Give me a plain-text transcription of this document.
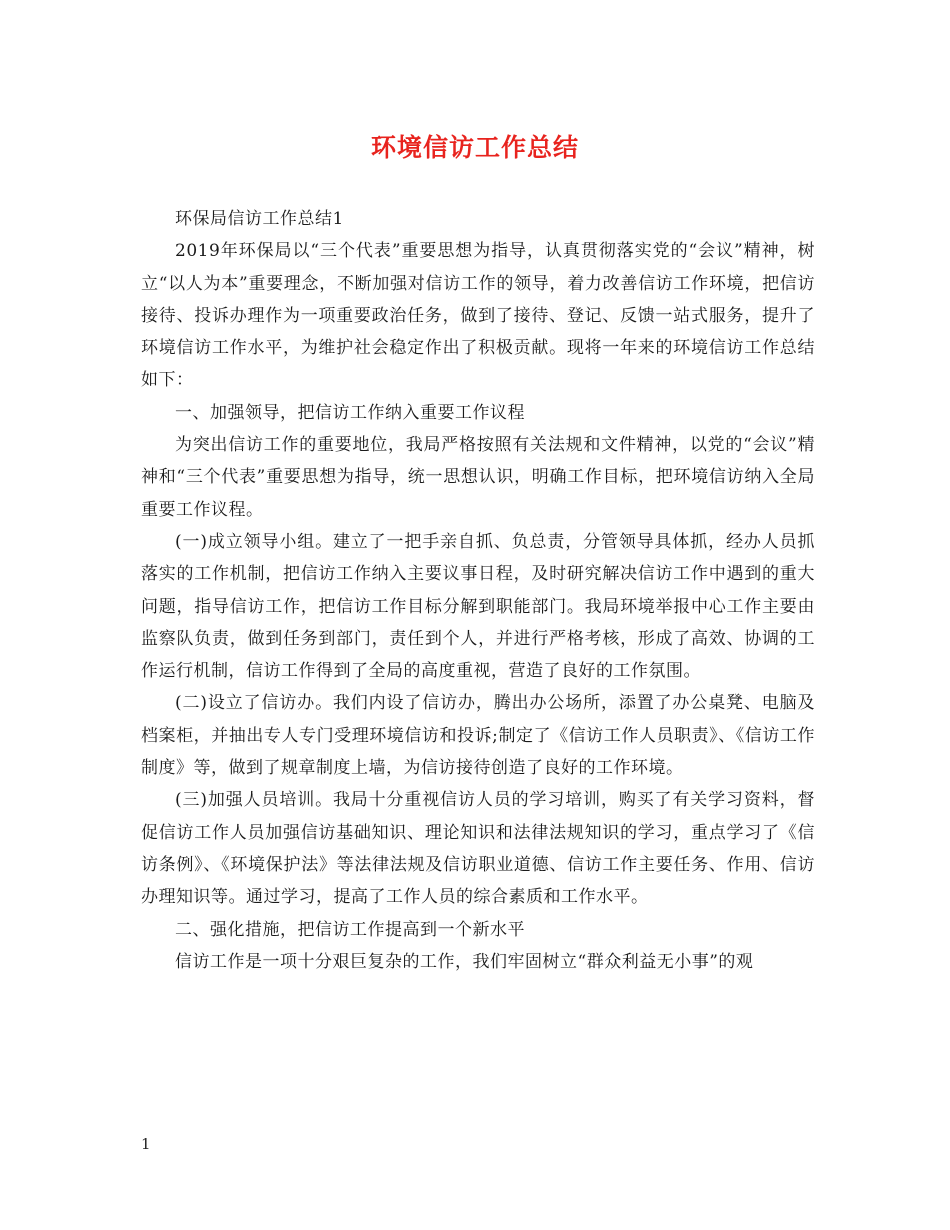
环境信访工作总结

环保局信访工作总结1

2019年环保局以“三个代表”重要思想为指导，认真贯彻落实党的“会议”精神，树立“以人为本”重要理念，不断加强对信访工作的领导，着力改善信访工作环境，把信访接待、投诉办理作为一项重要政治任务，做到了接待、登记、反馈一站式服务，提升了环境信访工作水平，为维护社会稳定作出了积极贡献。现将一年来的环境信访工作总结如下：

一、加强领导，把信访工作纳入重要工作议程

为突出信访工作的重要地位，我局严格按照有关法规和文件精神，以党的“会议”精神和“三个代表”重要思想为指导，统一思想认识，明确工作目标，把环境信访纳入全局重要工作议程。

(一)成立领导小组。建立了一把手亲自抓、负总责，分管领导具体抓，经办人员抓落实的工作机制，把信访工作纳入主要议事日程，及时研究解决信访工作中遇到的重大问题，指导信访工作，把信访工作目标分解到职能部门。我局环境举报中心工作主要由监察队负责，做到任务到部门，责任到个人，并进行严格考核，形成了高效、协调的工作运行机制，信访工作得到了全局的高度重视，营造了良好的工作氛围。

(二)设立了信访办。我们内设了信访办，腾出办公场所，添置了办公桌凳、电脑及档案柜，并抽出专人专门受理环境信访和投诉;制定了《信访工作人员职责》、《信访工作制度》等，做到了规章制度上墙，为信访接待创造了良好的工作环境。

(三)加强人员培训。我局十分重视信访人员的学习培训，购买了有关学习资料，督促信访工作人员加强信访基础知识、理论知识和法律法规知识的学习，重点学习了《信访条例》、《环境保护法》等法律法规及信访职业道德、信访工作主要任务、作用、信访办理知识等。通过学习，提高了工作人员的综合素质和工作水平。

二、强化措施，把信访工作提高到一个新水平

信访工作是一项十分艰巨复杂的工作，我们牢固树立“群众利益无小事”的观

1
